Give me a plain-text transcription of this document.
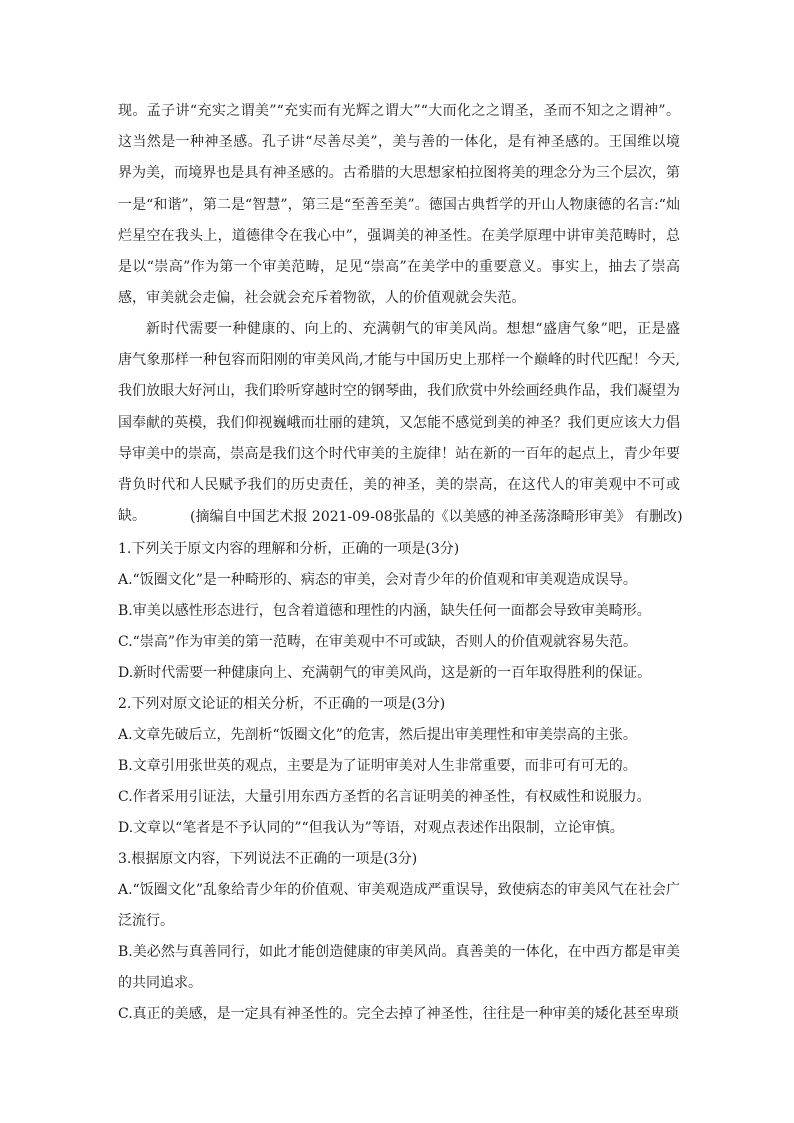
现。孟子讲“充实之谓美”“充实而有光辉之谓大”“大而化之之谓圣，圣而不知之之谓神”。这当然是一种神圣感。孔子讲“尽善尽美”，美与善的一体化，是有神圣感的。王国维以境界为美，而境界也是具有神圣感的。古希腊的大思想家柏拉图将美的理念分为三个层次，第一是“和谐”，第二是“智慧”，第三是“至善至美”。德国古典哲学的开山人物康德的名言:“灿烂星空在我头上，道德律令在我心中”，强调美的神圣性。在美学原理中讲审美范畴时，总是以“崇高”作为第一个审美范畴，足见“崇高”在美学中的重要意义。事实上，抽去了崇高感，审美就会走偏，社会就会充斥着物欲，人的价值观就会失范。

新时代需要一种健康的、向上的、充满朝气的审美风尚。想想“盛唐气象”吧，正是盛唐气象那样一种包容而阳刚的审美风尚,才能与中国历史上那样一个巅峰的时代匹配！今天,我们放眼大好河山，我们聆听穿越时空的钢琴曲，我们欣赏中外绘画经典作品，我们凝望为国奉献的英模，我们仰视巍峨而壮丽的建筑，又怎能不感觉到美的神圣？我们更应该大力倡导审美中的崇高，崇高是我们这个时代审美的主旋律！站在新的一百年的起点上，青少年要背负时代和人民赋予我们的历史责任，美的神圣，美的崇高，在这代人的审美观中不可或缺。	(摘编自中国艺术报 2021-09-08张晶的《以美感的神圣荡涤畸形审美》 有删改)

1.下列关于原文内容的理解和分析，正确的一项是(3分)

A.“饭圈文化”是一种畸形的、病态的审美，会对青少年的价值观和审美观造成误导。

B.审美以感性形态进行，包含着道德和理性的内涵，缺失任何一面都会导致审美畸形。

C.“崇高”作为审美的第一范畴，在审美观中不可或缺，否则人的价值观就容易失范。

D.新时代需要一种健康向上、充满朝气的审美风尚，这是新的一百年取得胜利的保证。

2.下列对原文论证的相关分析，不正确的一项是(3分)

A.文章先破后立，先剖析“饭圈文化”的危害，然后提出审美理性和审美崇高的主张。

B.文章引用张世英的观点，主要是为了证明审美对人生非常重要，而非可有可无的。

C.作者采用引证法，大量引用东西方圣哲的名言证明美的神圣性，有权威性和说服力。

D.文章以“笔者是不予认同的”“但我认为”等语，对观点表述作出限制，立论审慎。

3.根据原文内容，下列说法不正确的一项是(3分)

A.“饭圈文化”乱象给青少年的价值观、审美观造成严重误导，致使病态的审美风气在社会广泛流行。

B.美必然与真善同行，如此才能创造健康的审美风尚。真善美的一体化，在中西方都是审美的共同追求。

C.真正的美感，是一定具有神圣性的。完全去掉了神圣性，往往是一种审美的矮化甚至卑琐
